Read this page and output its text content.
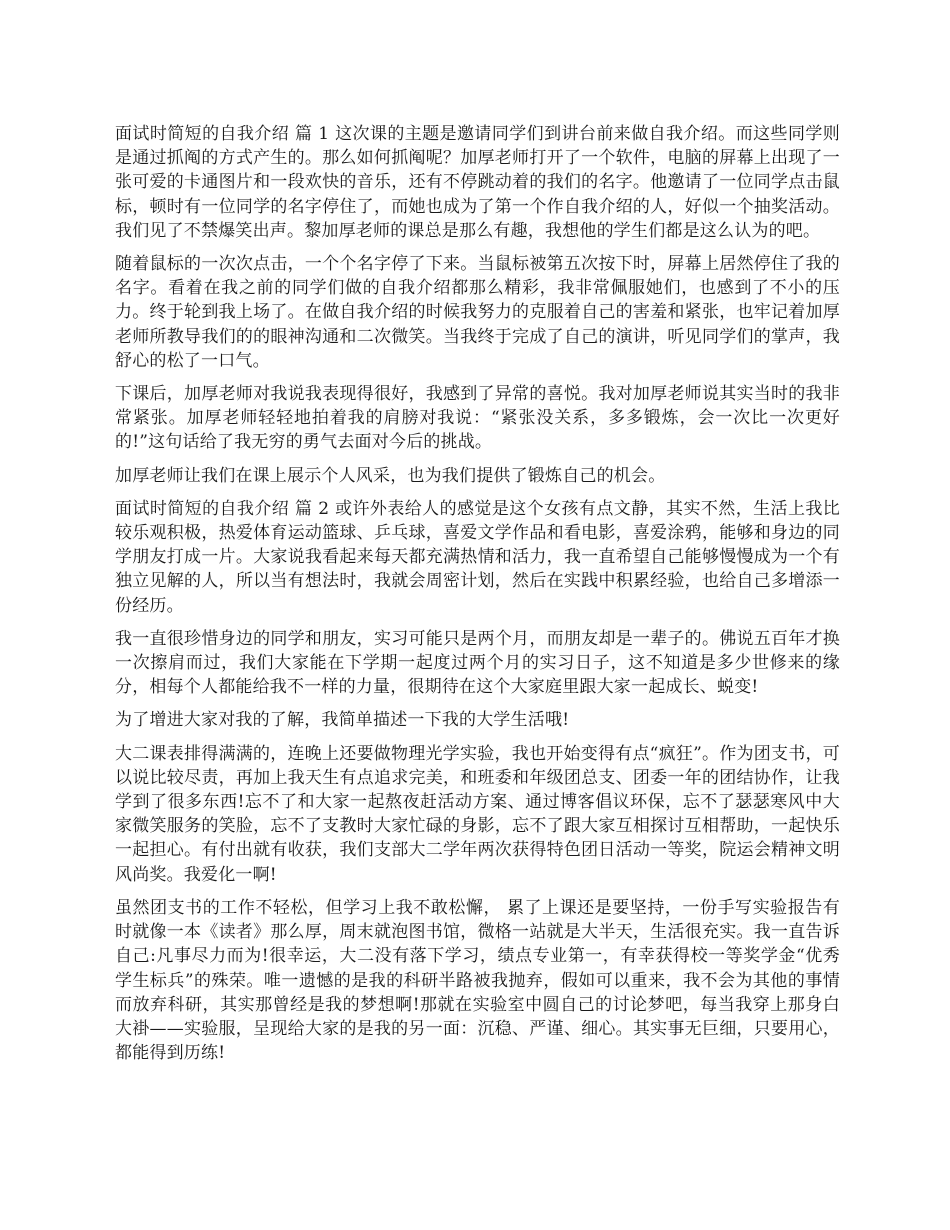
面试时简短的自我介绍 篇 1 这次课的主题是邀请同学们到讲台前来做自我介绍。而这些同学则是通过抓阄的方式产生的。那么如何抓阄呢？加厚老师打开了一个软件，电脑的屏幕上出现了一张可爱的卡通图片和一段欢快的音乐，还有不停跳动着的我们的名字。他邀请了一位同学点击鼠标，顿时有一位同学的名字停住了，而她也成为了第一个作自我介绍的人，好似一个抽奖活动。我们见了不禁爆笑出声。黎加厚老师的课总是那么有趣，我想他的学生们都是这么认为的吧。

随着鼠标的一次次点击，一个个名字停了下来。当鼠标被第五次按下时，屏幕上居然停住了我的名字。看着在我之前的同学们做的自我介绍都那么精彩，我非常佩服她们，也感到了不小的压力。终于轮到我上场了。在做自我介绍的时候我努力的克服着自己的害羞和紧张，也牢记着加厚老师所教导我们的的眼神沟通和二次微笑。当我终于完成了自己的演讲，听见同学们的掌声，我舒心的松了一口气。

下课后，加厚老师对我说我表现得很好，我感到了异常的喜悦。我对加厚老师说其实当时的我非常紧张。加厚老师轻轻地拍着我的肩膀对我说：“紧张没关系，多多锻炼，会一次比一次更好的!”这句话给了我无穷的勇气去面对今后的挑战。

加厚老师让我们在课上展示个人风采，也为我们提供了锻炼自己的机会。

面试时简短的自我介绍 篇 2 或许外表给人的感觉是这个女孩有点文静，其实不然，生活上我比较乐观积极，热爱体育运动篮球、乒乓球，喜爱文学作品和看电影，喜爱涂鸦，能够和身边的同学朋友打成一片。大家说我看起来每天都充满热情和活力，我一直希望自己能够慢慢成为一个有独立见解的人，所以当有想法时，我就会周密计划，然后在实践中积累经验，也给自己多增添一份经历。

我一直很珍惜身边的同学和朋友，实习可能只是两个月，而朋友却是一辈子的。佛说五百年才换一次擦肩而过，我们大家能在下学期一起度过两个月的实习日子，这不知道是多少世修来的缘分，相每个人都能给我不一样的力量，很期待在这个大家庭里跟大家一起成长、蜕变!

为了增进大家对我的了解，我简单描述一下我的大学生活哦!

大二课表排得满满的，连晚上还要做物理光学实验，我也开始变得有点“疯狂”。作为团支书，可以说比较尽责，再加上我天生有点追求完美，和班委和年级团总支、团委一年的团结协作，让我学到了很多东西!忘不了和大家一起熬夜赶活动方案、通过博客倡议环保，忘不了瑟瑟寒风中大家微笑服务的笑脸，忘不了支教时大家忙碌的身影，忘不了跟大家互相探讨互相帮助，一起快乐一起担心。有付出就有收获，我们支部大二学年两次获得特色团日活动一等奖，院运会精神文明风尚奖。我爱化一啊!

虽然团支书的工作不轻松，但学习上我不敢松懈， 累了上课还是要坚持，一份手写实验报告有时就像一本《读者》那么厚，周末就泡图书馆，微格一站就是大半天，生活很充实。我一直告诉自己:凡事尽力而为!很幸运，大二没有落下学习，绩点专业第一，有幸获得校一等奖学金“优秀学生标兵”的殊荣。唯一遗憾的是我的科研半路被我抛弃，假如可以重来，我不会为其他的事情而放弃科研，其实那曾经是我的梦想啊!那就在实验室中圆自己的讨论梦吧，每当我穿上那身白大褂——实验服，呈现给大家的是我的另一面：沉稳、严谨、细心。其实事无巨细，只要用心，都能得到历练!
